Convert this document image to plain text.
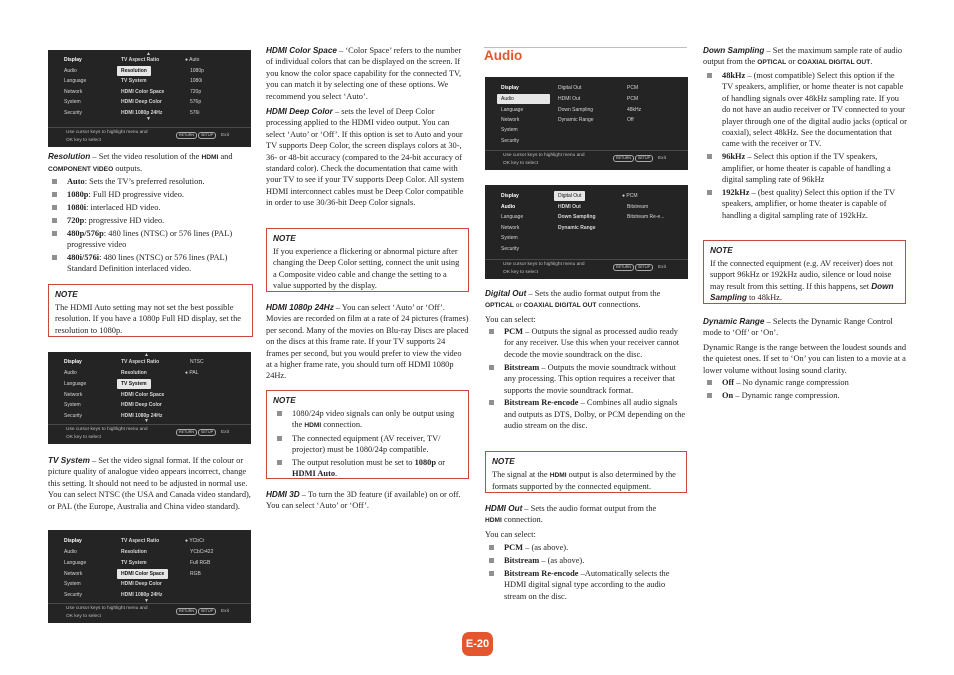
▲
Display	TV Aspect Ratio	● Auto
Audio	Resolution	1080p
Language	TV System	1080i
Network	HDMI Color Space	720p
System	HDMI Deep Color	576p
Security	HDMI 1080p 24Hz	576i
▼
Use cursor keys to highlight menu and
OK key to select
RETURN SETUP Exit

Resolution – Set the video resolution of the HDMI and
COMPONENT VIDEO outputs.

Auto: Sets the TV’s preferred resolution.
1080p: Full HD progressive video.
1080i: interlaced HD video.
720p: progressive HD video.
480p/576p: 480 lines (NTSC) or 576 lines (PAL) progressive video
480i/576i: 480 lines (NTSC) or 576 lines (PAL) Standard Definition interlaced video.
NOTE
The HDMI Auto setting may not set the best possible resolution. If you have a 1080p Full HD display, set the resolution to 1080p.
▲
Display	TV Aspect Ratio	NTSC
Audio	Resolution	● PAL
Language	TV System
Network	HDMI Color Space
System	HDMI Deep Color
Security	HDMI 1080p 24Hz
▼
Use cursor keys to highlight menu and
OK key to select
RETURN SETUP Exit

TV System – Set the video signal format. If the colour or picture quality of analogue video appears incorrect, change this setting. It should not need to be adjusted in normal use. You can select NTSC (the USA and Canada video standard), or PAL (the Europe, Australia and China video standard).

Display	TV Aspect Ratio	● YCbCr
Audio	Resolution	YCbCr422
Language	TV System	Full RGB
Network	HDMI Color Space	RGB
System	HDMI Deep Color
Security	HDMI 1080p 24Hz
▼
Use cursor keys to highlight menu and
OK key to select
RETURN SETUP Exit

HDMI Color Space – ‘Color Space’ refers to the number of individual colors that can be displayed on the screen. If you know the color space capability for the connected TV, you can match it by selecting one of these options. We recommend you select ‘Auto’.

HDMI Deep Color – sets the level of Deep Color processing applied to the HDMI video output. You can select ‘Auto’ or ‘Off’. If this option is set to Auto and your TV supports Deep Color, the screen displays colors at 30-, 36- or 48-bit accuracy (compared to the 24-bit accuracy of standard color). Check the documentation that came with your TV to see if your TV supports Deep Color. All system HDMI interconnect cables must be Deep Color compatible in order to use 30/36-bit Deep Color signals.

NOTE
If you experience a flickering or abnormal picture after changing the Deep Color setting, connect the unit using a Composite video cable and change the setting to a value supported by the display.

HDMI 1080p 24Hz – You can select ‘Auto’ or ‘Off’. Movies are recorded on film at a rate of 24 pictures (frames) per second. Many of the movies on Blu-ray Discs are placed on the discs at this frame rate. If your TV supports 24 frames per second, but you would prefer to view the video at a higher frame rate, you should turn off HDMI 1080p 24Hz.

NOTE
1080/24p video signals can only be output using the HDMI connection.
The connected equipment (AV receiver, TV/ projector) must be 1080/24p compatible.
The output resolution must be set to 1080p or HDMI Auto.

HDMI 3D – To turn the 3D feature (if available) on or off. You can select ‘Auto’ or ‘Off’.

Audio
Display	Digital Out	PCM
Audio	HDMI Out	PCM
Language	Down Sampling	48kHz
Network	Dynamic Range	Off
System
Security
Use cursor keys to highlight menu and
OK key to select
RETURN SETUP Exit
Display	Digital Out	● PCM
Audio	HDMI Out	Bitstream
Language	Down Sampling	Bitstream Re-e...
Network	Dynamic Range
System
Security
Use cursor keys to highlight menu and
OK key to select
RETURN SETUP Exit

Digital Out – Sets the audio format output from the
OPTICAL or COAXIAL DIGITAL OUT connections.

You can select:

PCM – Outputs the signal as processed audio ready for any receiver. Use this when your receiver cannot decode the movie soundtrack on the disc.
Bitstream – Outputs the movie soundtrack without any processing. This option requires a receiver that supports the movie soundtrack format.
Bitstream Re-encode – Combines all audio signals and outputs as DTS, Dolby, or PCM depending on the audio stream on the disc.
NOTE
The signal at the HDMI output is also determined by the formats supported by the connected equipment.

HDMI Out – Sets the audio format output from the
HDMI connection.

You can select:

PCM – (as above).
Bitstream – (as above).
Bitstream Re-encode –Automatically selects the HDMI digital signal type according to the audio stream on the disc.

Down Sampling – Set the maximum sample rate of audio output from the OPTICAL or COAXIAL DIGITAL OUT.

48kHz – (most compatible) Select this option if the TV speakers, amplifier, or home theater is not capable of handling signals over 48kHz sampling rate. If you do not have an audio receiver or TV connected to your player through one of the digital audio jacks (optical or coaxial), select 48kHz. See the documentation that came with the receiver or TV.
96kHz – Select this option if the TV speakers, amplifier, or home theater is capable of handling a digital sampling rate of 96kHz
192kHz – (best quality) Select this option if the TV speakers, amplifier, or home theater is capable of handling a digital sampling rate of 192kHz.
NOTE
If the connected equipment (e.g. AV receiver) does not support 96kHz or 192kHz audio, silence or loud noise may result from this setting. If this happens, set Down Sampling to 48kHz.

Dynamic Range – Selects the Dynamic Range Control mode to ‘Off’ or ‘On’.

Dynamic Range is the range between the loudest sounds and the quietest ones. If set to ‘On’ you can listen to a movie at a lower volume without losing sound clarity.

Off – No dynamic range compression
On – Dynamic range compression.
E-20
